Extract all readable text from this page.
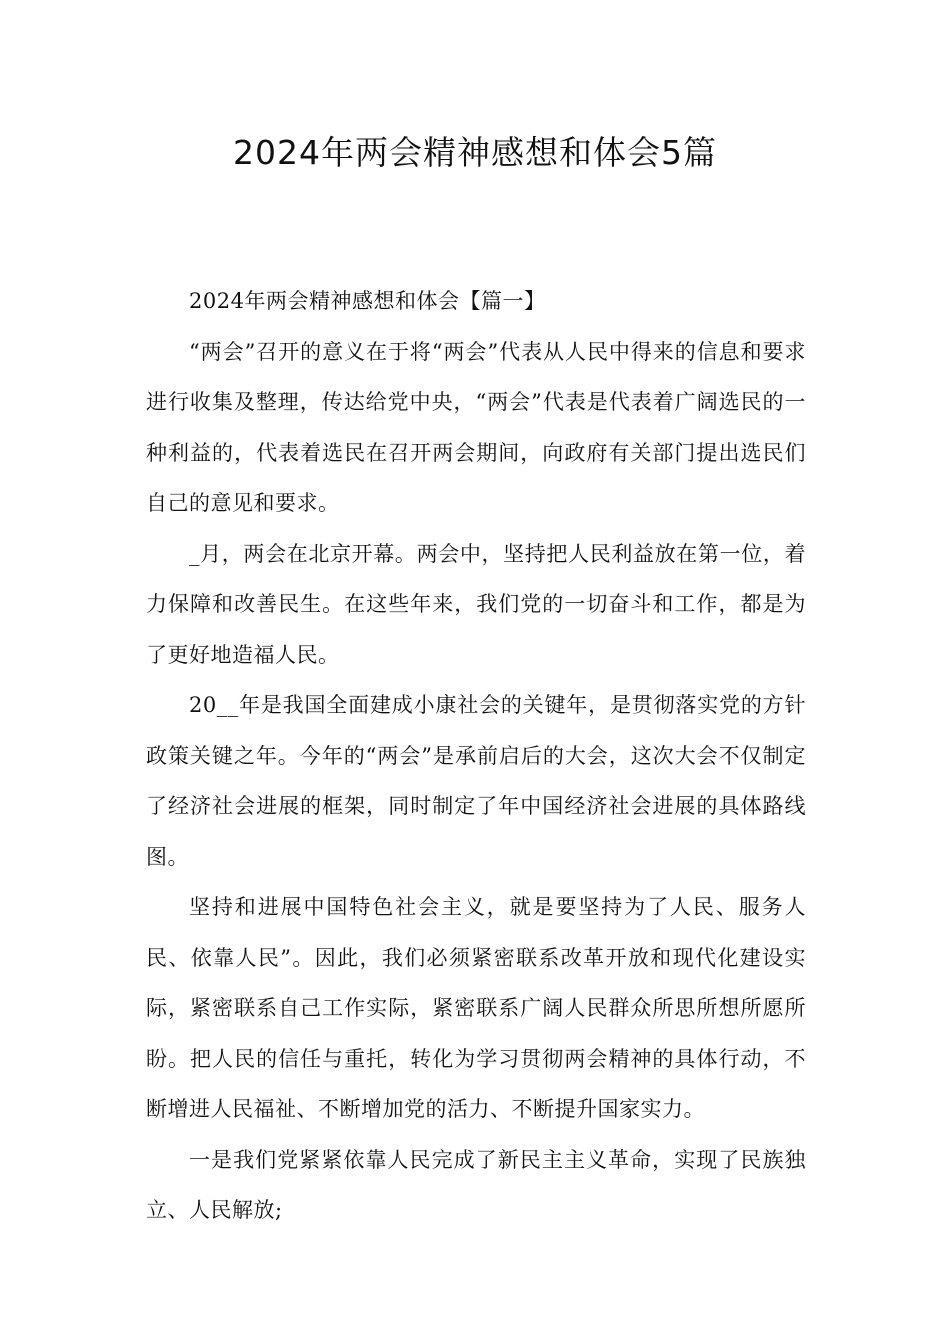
2024年两会精神感想和体会5篇
2024年两会精神感想和体会【篇一】

“两会”召开的意义在于将“两会”代表从人民中得来的信息和要求进行收集及整理，传达给党中央，“两会”代表是代表着广阔选民的一种利益的，代表着选民在召开两会期间，向政府有关部门提出选民们自己的意见和要求。

_月，两会在北京开幕。两会中，坚持把人民利益放在第一位，着力保障和改善民生。在这些年来，我们党的一切奋斗和工作，都是为了更好地造福人民。

20__年是我国全面建成小康社会的关键年，是贯彻落实党的方针政策关键之年。今年的“两会”是承前启后的大会，这次大会不仅制定了经济社会进展的框架，同时制定了年中国经济社会进展的具体路线图。

坚持和进展中国特色社会主义，就是要坚持为了人民、服务人民、依靠人民”。因此，我们必须紧密联系改革开放和现代化建设实际，紧密联系自己工作实际，紧密联系广阔人民群众所思所想所愿所盼。把人民的信任与重托，转化为学习贯彻两会精神的具体行动，不断增进人民福祉、不断增加党的活力、不断提升国家实力。

一是我们党紧紧依靠人民完成了新民主主义革命，实现了民族独立、人民解放;
